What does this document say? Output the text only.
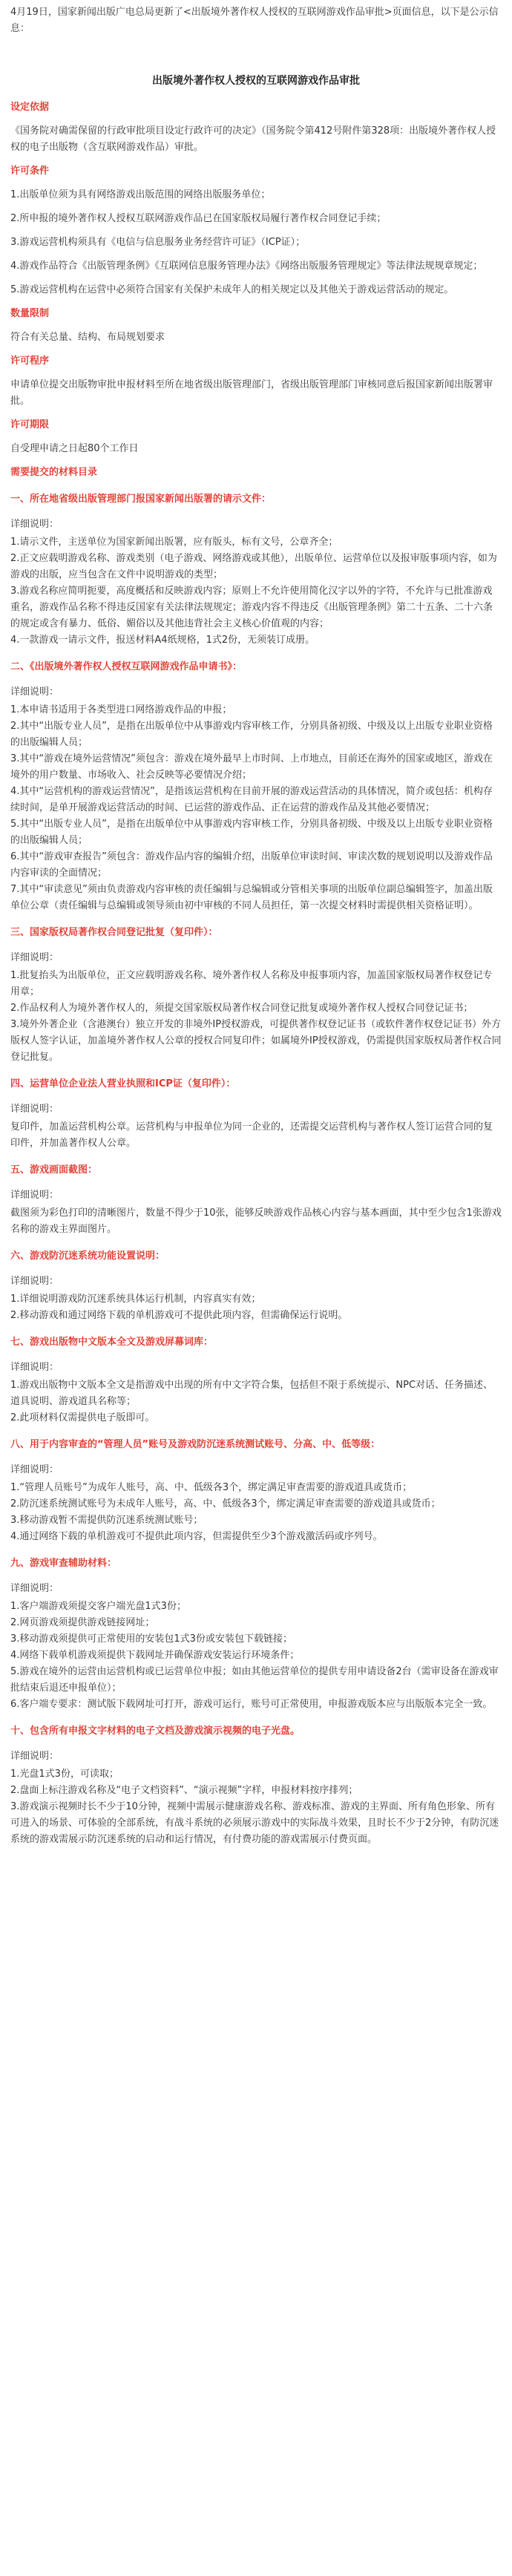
4月19日，国家新闻出版广电总局更新了<出版境外著作权人授权的互联网游戏作品审批>页面信息，以下是公示信息：

出版境外著作权人授权的互联网游戏作品审批
设定依据

《国务院对确需保留的行政审批项目设定行政许可的决定》（国务院令第412号附件第328项：出版境外著作权人授权的电子出版物（含互联网游戏作品）审批。

许可条件

1.出版单位须为具有网络游戏出版范围的网络出版服务单位；

2.所申报的境外著作权人授权互联网游戏作品已在国家版权局履行著作权合同登记手续；

3.游戏运营机构须具有《电信与信息服务业务经营许可证》（ICP证）；

4.游戏作品符合《出版管理条例》《互联网信息服务管理办法》《网络出版服务管理规定》等法律法规规章规定；

5.游戏运营机构在运营中必须符合国家有关保护未成年人的相关规定以及其他关于游戏运营活动的规定。

数量限制

符合有关总量、结构、布局规划要求

许可程序

申请单位提交出版物审批申报材料至所在地省级出版管理部门，省级出版管理部门审核同意后报国家新闻出版署审批。

许可期限

自受理申请之日起80个工作日

需要提交的材料目录
一、所在地省级出版管理部门报国家新闻出版署的请示文件：
详细说明：
1.请示文件，主送单位为国家新闻出版署，应有版头，标有文号，公章齐全；
2.正文应载明游戏名称、游戏类别（电子游戏、网络游戏或其他），出版单位、运营单位以及报审版事项内容，如为游戏的出版，应当包含在文件中说明游戏的类型；
3.游戏名称应简明扼要，高度概括和反映游戏内容；原则上不允许使用简化汉字以外的字符，不允许与已批准游戏重名，游戏作品名称不得违反国家有关法律法规规定；游戏内容不得违反《出版管理条例》第二十五条、二十六条的规定或含有暴力、低俗、媚俗以及其他违背社会主义核心价值观的内容；
4.一款游戏一请示文件，报送材料A4纸规格，1式2份，无须装订成册。
二、《出版境外著作权人授权互联网游戏作品申请书》：
详细说明：
1.本申请书适用于各类型进口网络游戏作品的申报；
2.其中“出版专业人员”，是指在出版单位中从事游戏内容审核工作，分别具备初级、中级及以上出版专业职业资格的出版编辑人员；
3.其中“游戏在境外运营情况”须包含：游戏在境外最早上市时间、上市地点，目前还在海外的国家或地区，游戏在境外的用户数量、市场收入、社会反映等必要情况介绍；
4.其中“运营机构的游戏运营情况”，是指该运营机构在目前开展的游戏运营活动的具体情况，简介或包括：机构存续时间，是单开展游戏运营活动的时间、已运营的游戏作品、正在运营的游戏作品及其他必要情况；
5.其中“出版专业人员”，是指在出版单位中从事游戏内容审核工作，分别具备初级、中级及以上出版专业职业资格的出版编辑人员；
6.其中“游戏审查报告”须包含：游戏作品内容的编辑介绍，出版单位审读时间、审读次数的规划说明以及游戏作品内容审读的全面情况；
7.其中“审读意见”须由负责游戏内容审核的责任编辑与总编辑或分管相关事项的出版单位副总编辑签字，加盖出版单位公章（责任编辑与总编辑或领导须由初中审核的不同人员担任，第一次提交材料时需提供相关资格证明）。
三、国家版权局著作权合同登记批复（复印件）：
详细说明：
1.批复抬头为出版单位，正文应载明游戏名称、境外著作权人名称及申报事项内容，加盖国家版权局著作权登记专用章；
2.作品权利人为境外著作权人的，须提交国家版权局著作权合同登记批复或境外著作权人授权合同登记证书；
3.境外外著企业（含港澳台）独立开发的非境外IP授权游戏，可提供著作权登记证书（或软件著作权登记证书）外方版权人签字认证，加盖境外著作权人公章的授权合同复印件；如属境外IP授权游戏，仍需提供国家版权局著作权合同登记批复。
四、运营单位企业法人营业执照和ICP证（复印件）：
详细说明：
复印件，加盖运营机构公章。运营机构与申报单位为同一企业的，还需提交运营机构与著作权人签订运营合同的复印件，并加盖著作权人公章。
五、游戏画面截图：
详细说明：
截图须为彩色打印的清晰图片，数量不得少于10张，能够反映游戏作品核心内容与基本画面，其中至少包含1张游戏名称的游戏主界面图片。
六、游戏防沉迷系统功能设置说明：
详细说明：
1.详细说明游戏防沉迷系统具体运行机制，内容真实有效；
2.移动游戏和通过网络下载的单机游戏可不提供此项内容，但需确保运行说明。
七、游戏出版物中文版本全文及游戏屏幕词库：
详细说明：
1.游戏出版物中文版本全文是指游戏中出现的所有中文字符合集，包括但不限于系统提示、NPC对话、任务描述、道具说明、游戏道具名称等；
2.此项材料仅需提供电子版即可。
八、用于内容审查的“管理人员”账号及游戏防沉迷系统测试账号、分高、中、低等级：
详细说明：
1.“管理人员账号”为成年人账号，高、中、低级各3个，绑定满足审查需要的游戏道具或货币；
2.防沉迷系统测试账号为未成年人账号，高、中、低级各3个，绑定满足审查需要的游戏道具或货币；
3.移动游戏暂不需提供防沉迷系统测试账号；
4.通过网络下载的单机游戏可不提供此项内容，但需提供至少3个游戏激活码或序列号。
九、游戏审查辅助材料：
详细说明：
1.客户端游戏须提交客户端光盘1式3份；
2.网页游戏须提供游戏链接网址；
3.移动游戏须提供可正常使用的安装包1式3份或安装包下载链接；
4.网络下载单机游戏须提供下载网址并确保游戏安装运行环境条件；
5.游戏在境外的运营由运营机构或已运营单位申报；如由其他运营单位的提供专用申请设备2台（需审设备在游戏审批结束后退还申报单位）；
6.客户端专要求：测试版下载网址可打开，游戏可运行，账号可正常使用，申报游戏版本应与出版版本完全一致。
十、包含所有申报文字材料的电子文档及游戏演示视频的电子光盘。
详细说明：
1.光盘1式3份，可读取；
2.盘面上标注游戏名称及“电子文档资料”、“演示视频”字样，申报材料按序排列；
3.游戏演示视频时长不少于10分钟，视频中需展示健康游戏名称、游戏标准、游戏的主界面、所有角色形象、所有可进入的场景、可体验的全部系统，有战斗系统的必须展示游戏中的实际战斗效果，且时长不少于2分钟，有防沉迷系统的游戏需展示防沉迷系统的启动和运行情况，有付费功能的游戏需展示付费页面。
